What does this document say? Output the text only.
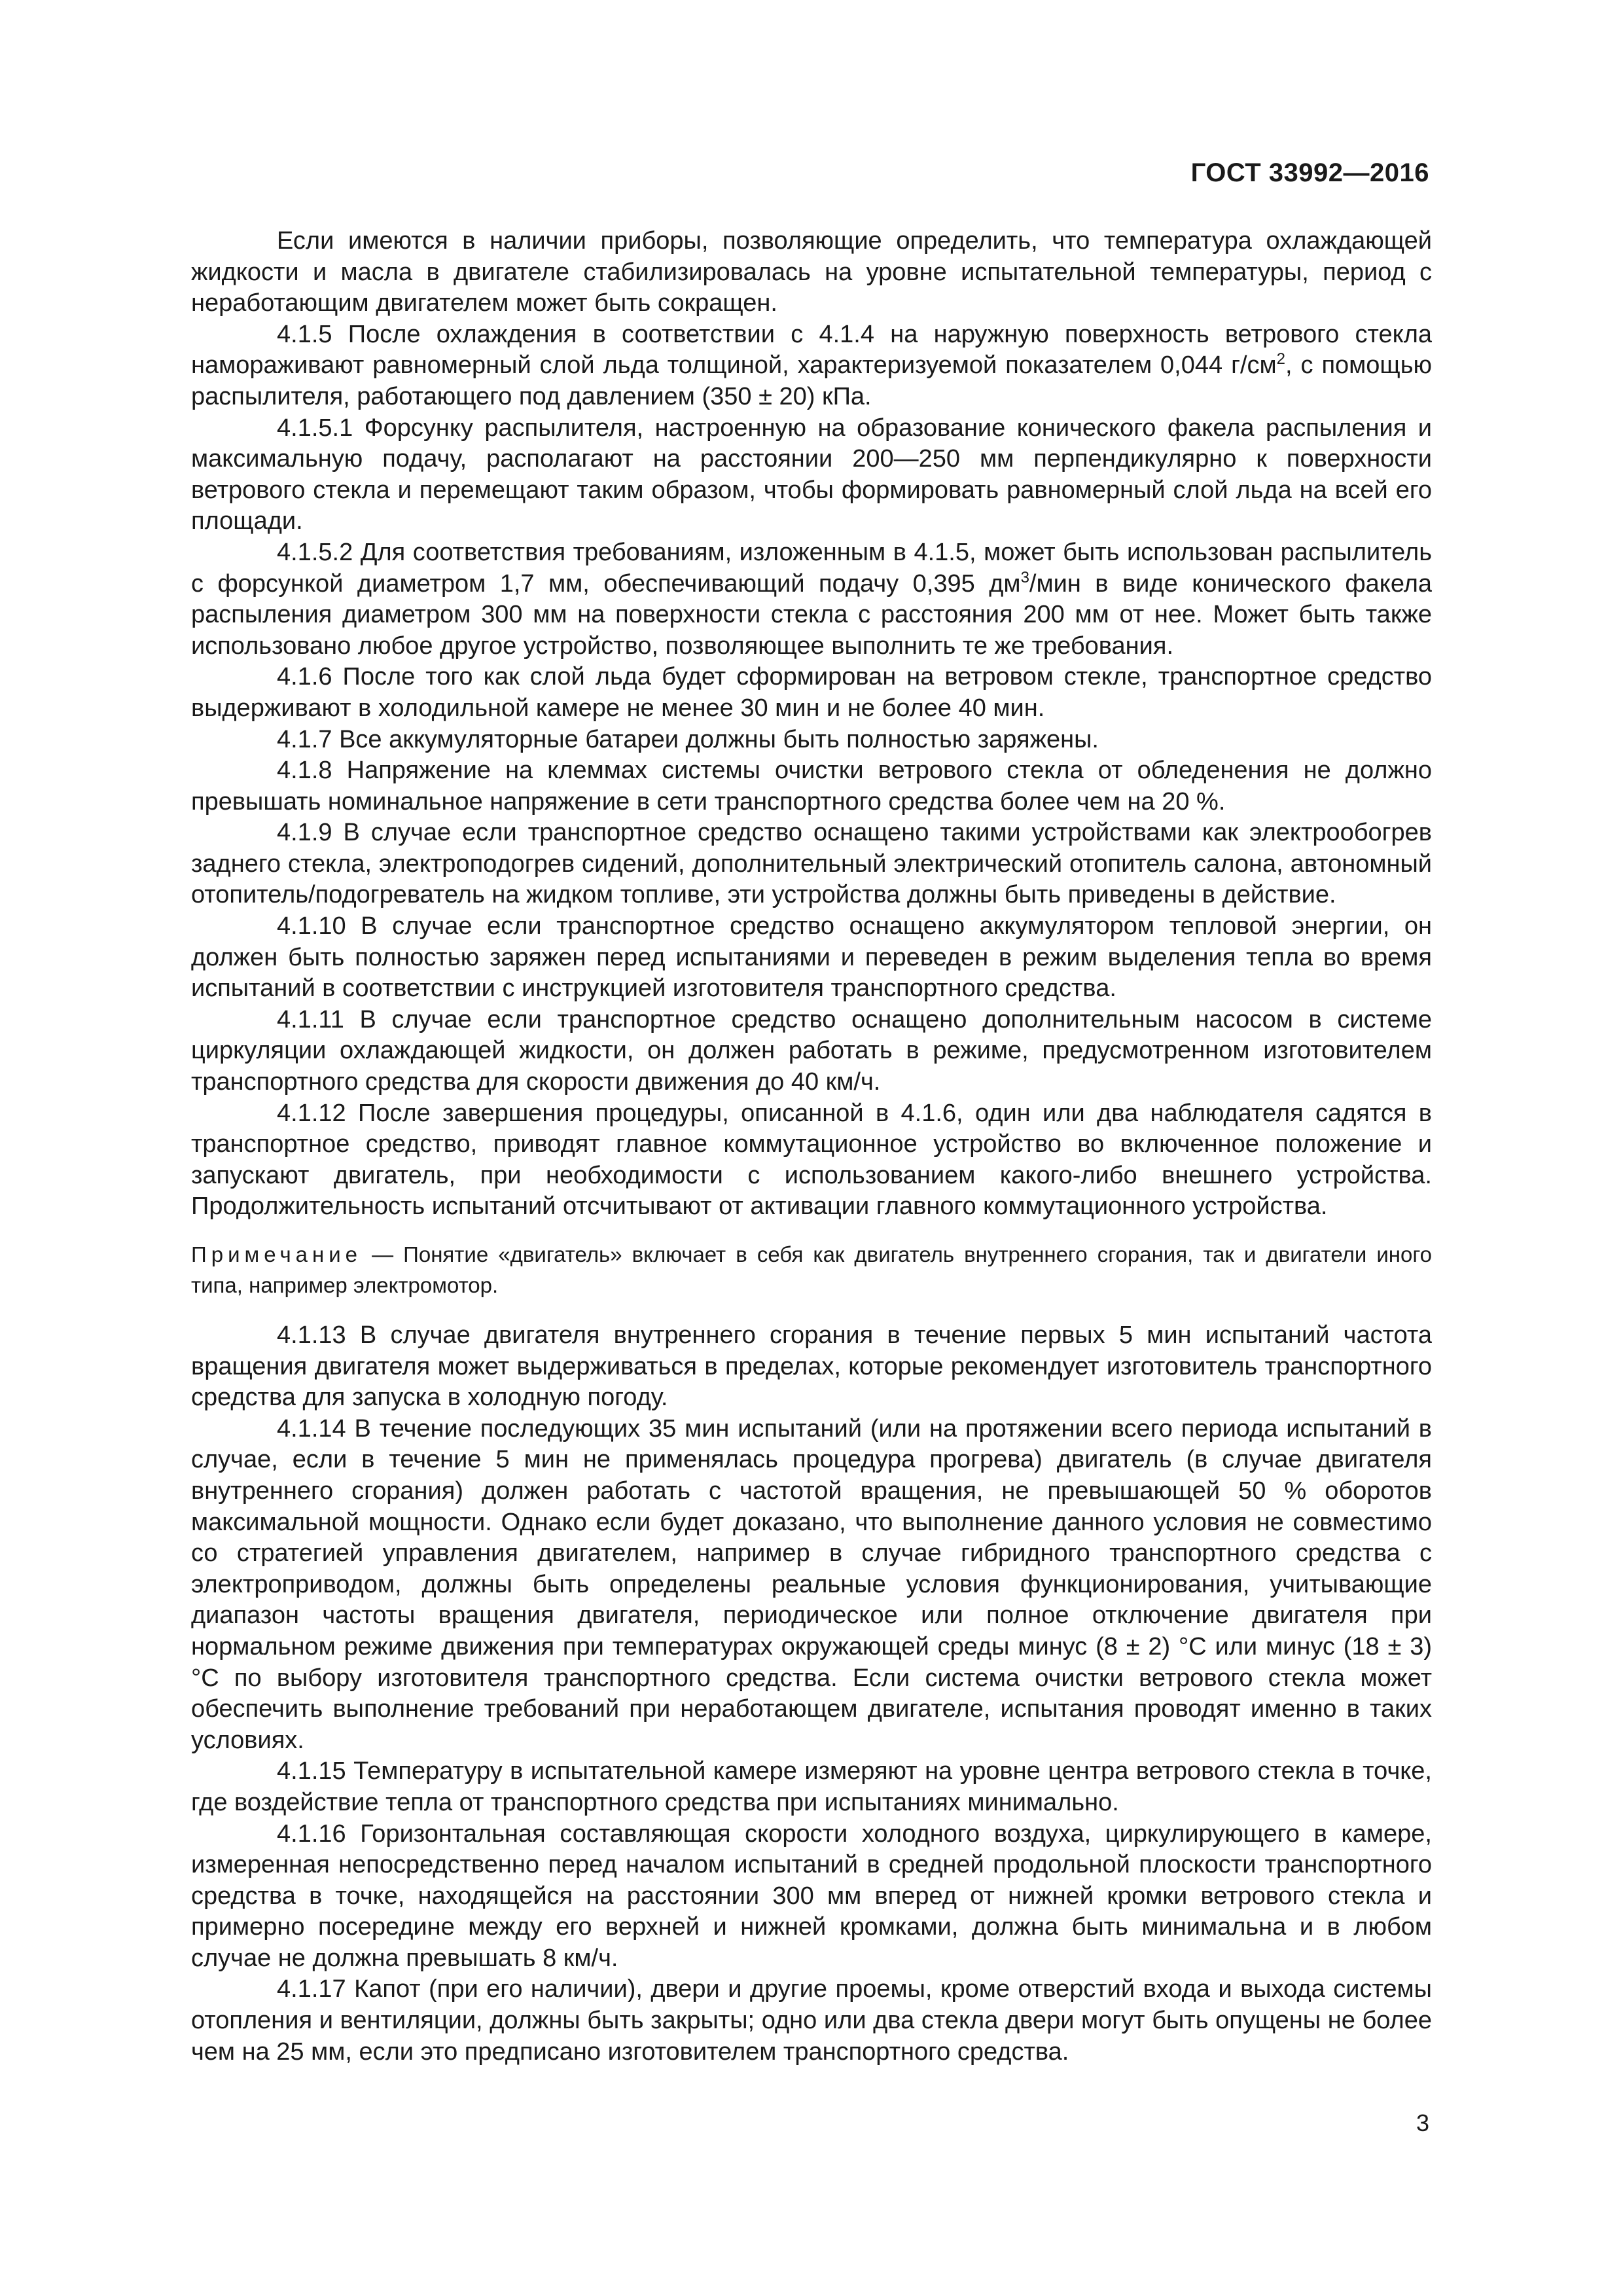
ГОСТ 33992—2016

Если имеются в наличии приборы, позволяющие определить, что температура охлаждающей жидкости и масла в двигателе стабилизировалась на уровне испытательной температуры, период с неработающим двигателем может быть сокращен.

4.1.5 После охлаждения в соответствии с 4.1.4 на наружную поверхность ветрового стекла намораживают равномерный слой льда толщиной, характеризуемой показателем 0,044 $г/см^2$, с помощью распылителя, работающего под давлением (350 ± 20) кПа.

4.1.5.1 Форсунку распылителя, настроенную на образование конического факела распыления и максимальную подачу, располагают на расстоянии 200—250 мм перпендикулярно к поверхности ветрового стекла и перемещают таким образом, чтобы формировать равномерный слой льда на всей его площади.

4.1.5.2 Для соответствия требованиям, изложенным в 4.1.5, может быть использован распылитель с форсункой диаметром 1,7 мм, обеспечивающий подачу 0,395 $дм^3$/мин в виде конического факела распыления диаметром 300 мм на поверхности стекла с расстояния 200 мм от нее. Может быть также использовано любое другое устройство, позволяющее выполнить те же требования.

4.1.6 После того как слой льда будет сформирован на ветровом стекле, транспортное средство выдерживают в холодильной камере не менее 30 мин и не более 40 мин.

4.1.7 Все аккумуляторные батареи должны быть полностью заряжены.

4.1.8 Напряжение на клеммах системы очистки ветрового стекла от обледенения не должно превышать номинальное напряжение в сети транспортного средства более чем на 20 %.

4.1.9 В случае если транспортное средство оснащено такими устройствами как электрообогрев заднего стекла, электроподогрев сидений, дополнительный электрический отопитель салона, автономный отопитель/подогреватель на жидком топливе, эти устройства должны быть приведены в действие.

4.1.10 В случае если транспортное средство оснащено аккумулятором тепловой энергии, он должен быть полностью заряжен перед испытаниями и переведен в режим выделения тепла во время испытаний в соответствии с инструкцией изготовителя транспортного средства.

4.1.11 В случае если транспортное средство оснащено дополнительным насосом в системе циркуляции охлаждающей жидкости, он должен работать в режиме, предусмотренном изготовителем транспортного средства для скорости движения до 40 км/ч.

4.1.12 После завершения процедуры, описанной в 4.1.6, один или два наблюдателя садятся в транспортное средство, приводят главное коммутационное устройство во включенное положение и запускают двигатель, при необходимости с использованием какого-либо внешнего устройства. Продолжительность испытаний отсчитывают от активации главного коммутационного устройства.

Примечание — Понятие «двигатель» включает в себя как двигатель внутреннего сгорания, так и двигатели иного типа, например электромотор.

4.1.13 В случае двигателя внутреннего сгорания в течение первых 5 мин испытаний частота вращения двигателя может выдерживаться в пределах, которые рекомендует изготовитель транспортного средства для запуска в холодную погоду.

4.1.14 В течение последующих 35 мин испытаний (или на протяжении всего периода испытаний в случае, если в течение 5 мин не применялась процедура прогрева) двигатель (в случае двигателя внутреннего сгорания) должен работать с частотой вращения, не превышающей 50 % оборотов максимальной мощности. Однако если будет доказано, что выполнение данного условия не совместимо со стратегией управления двигателем, например в случае гибридного транспортного средства с электроприводом, должны быть определены реальные условия функционирования, учитывающие диапазон частоты вращения двигателя, периодическое или полное отключение двигателя при нормальном режиме движения при температурах окружающей среды минус (8 ± 2) °С или минус (18 ± 3) °С по выбору изготовителя транспортного средства. Если система очистки ветрового стекла может обеспечить выполнение требований при неработающем двигателе, испытания проводят именно в таких условиях.

4.1.15 Температуру в испытательной камере измеряют на уровне центра ветрового стекла в точке, где воздействие тепла от транспортного средства при испытаниях минимально.

4.1.16 Горизонтальная составляющая скорости холодного воздуха, циркулирующего в камере, измеренная непосредственно перед началом испытаний в средней продольной плоскости транспортного средства в точке, находящейся на расстоянии 300 мм вперед от нижней кромки ветрового стекла и примерно посередине между его верхней и нижней кромками, должна быть минимальна и в любом случае не должна превышать 8 км/ч.

4.1.17 Капот (при его наличии), двери и другие проемы, кроме отверстий входа и выхода системы отопления и вентиляции, должны быть закрыты; одно или два стекла двери могут быть опущены не более чем на 25 мм, если это предписано изготовителем транспортного средства.

3
